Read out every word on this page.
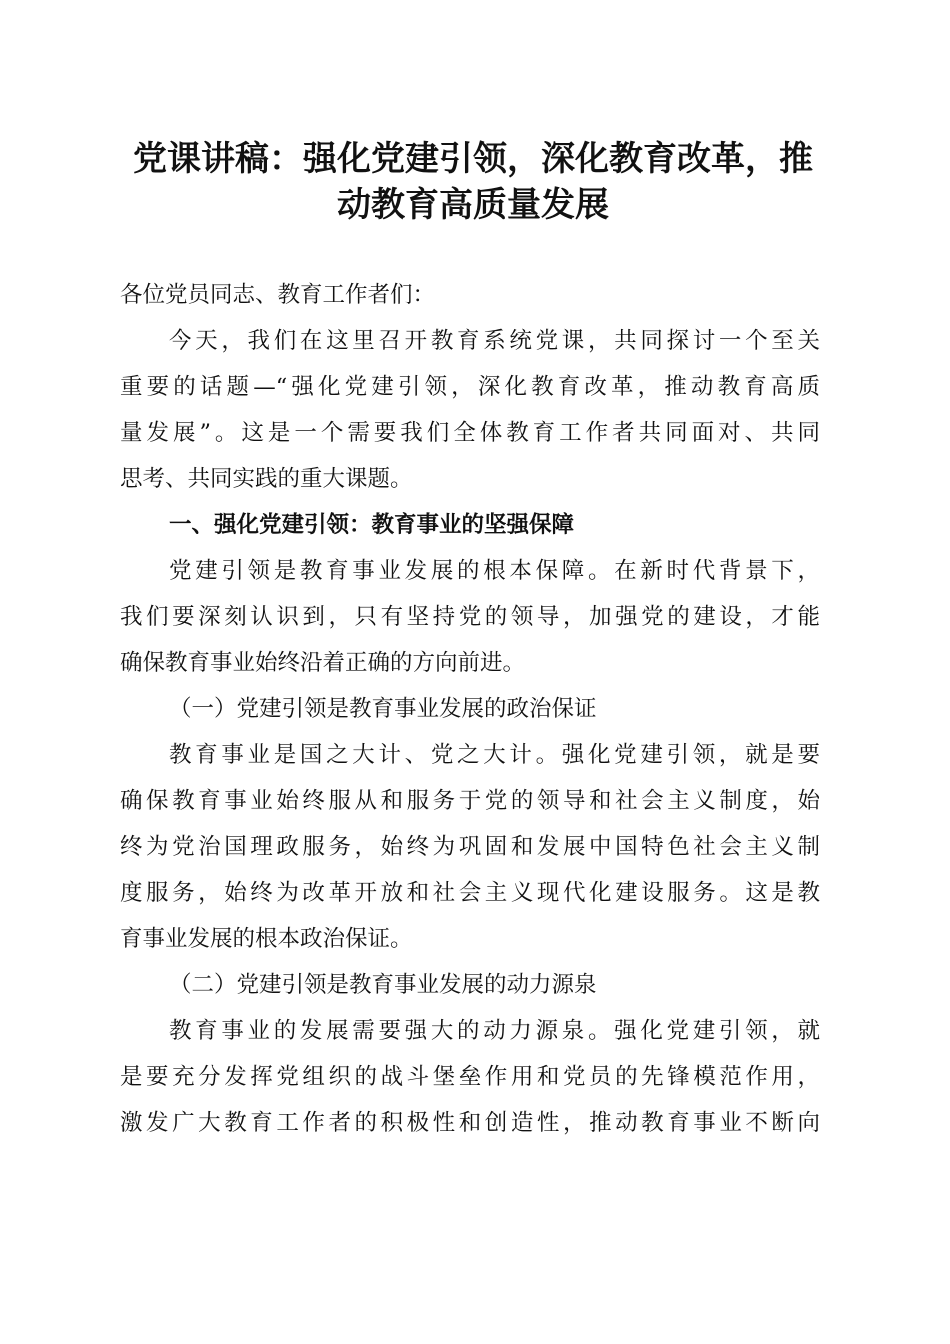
党课讲稿：强化党建引领，深化教育改革，推
动教育高质量发展
各位党员同志、教育工作者们：
今天，我们在这里召开教育系统党课，共同探讨一个至关
重要的话题—“强化党建引领，深化教育改革，推动教育高质
量发展”。这是一个需要我们全体教育工作者共同面对、共同
思考、共同实践的重大课题。
一、强化党建引领：教育事业的坚强保障
党建引领是教育事业发展的根本保障。在新时代背景下，
我们要深刻认识到，只有坚持党的领导，加强党的建设，才能
确保教育事业始终沿着正确的方向前进。
（一）党建引领是教育事业发展的政治保证
教育事业是国之大计、党之大计。强化党建引领，就是要
确保教育事业始终服从和服务于党的领导和社会主义制度，始
终为党治国理政服务，始终为巩固和发展中国特色社会主义制
度服务，始终为改革开放和社会主义现代化建设服务。这是教
育事业发展的根本政治保证。
（二）党建引领是教育事业发展的动力源泉
教育事业的发展需要强大的动力源泉。强化党建引领，就
是要充分发挥党组织的战斗堡垒作用和党员的先锋模范作用，
激发广大教育工作者的积极性和创造性，推动教育事业不断向
